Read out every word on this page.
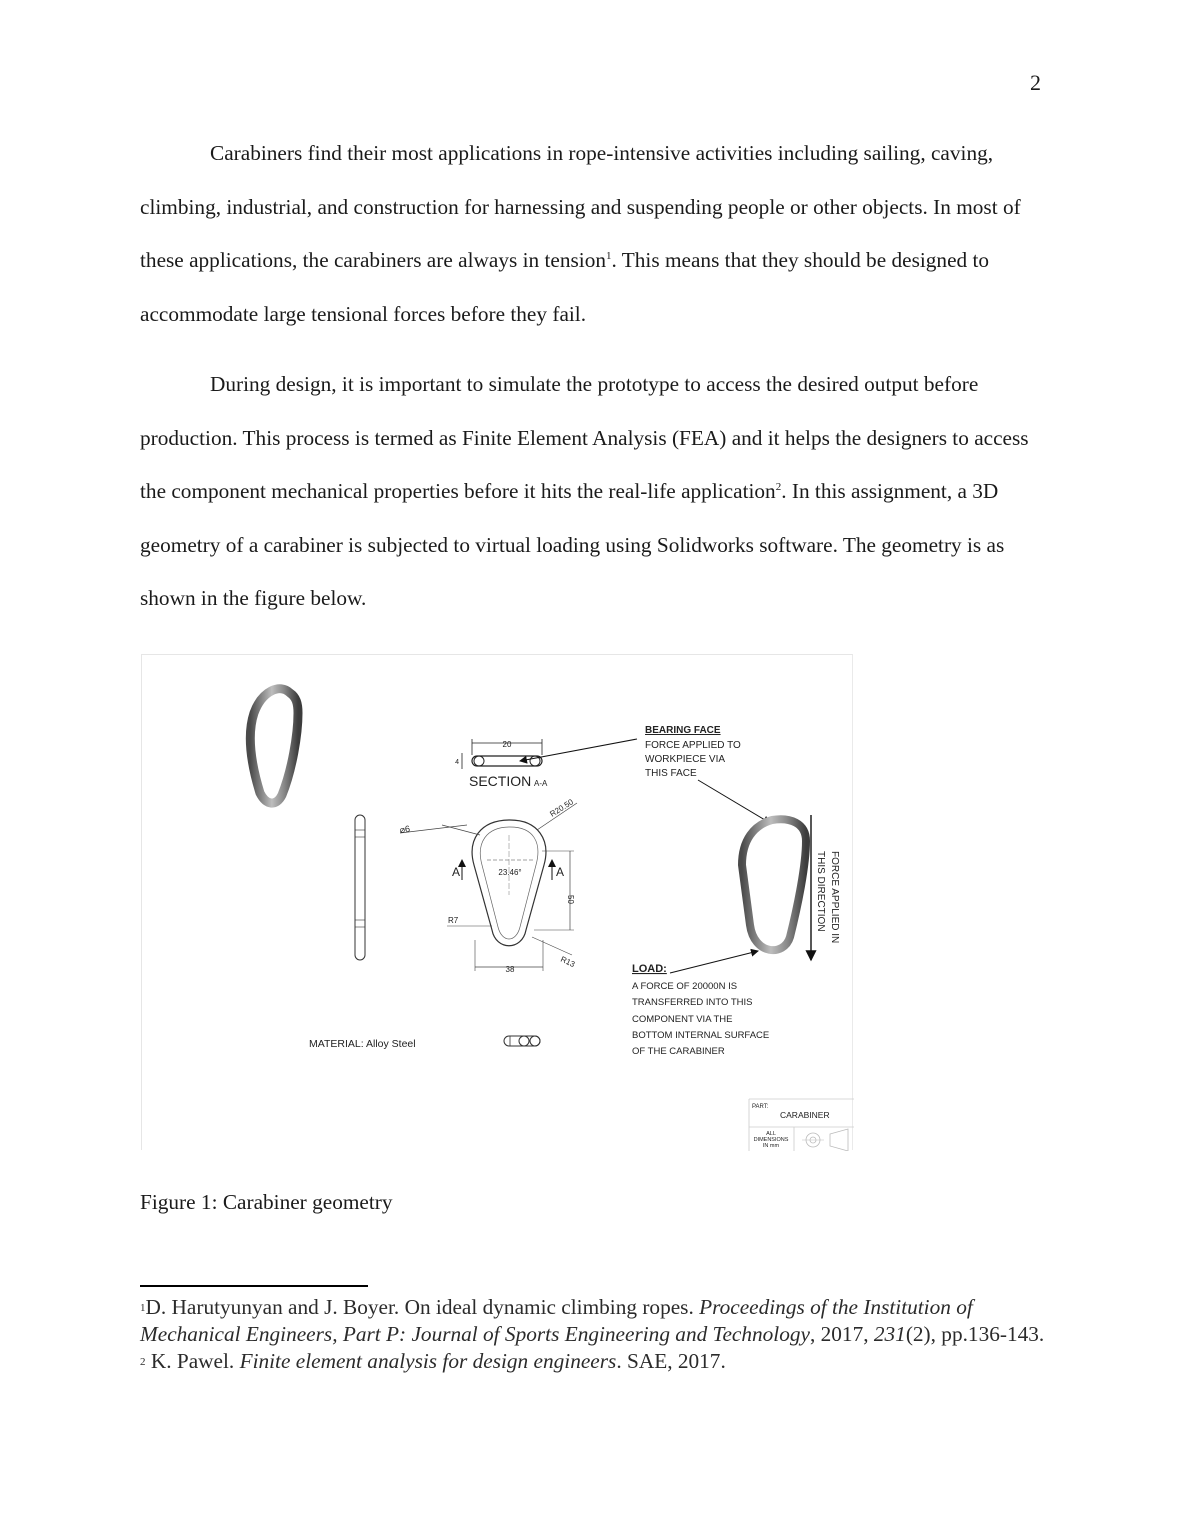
2

Carabiners find their most applications in rope-intensive activities including sailing, caving, climbing, industrial, and construction for harnessing and suspending people or other objects. In most of these applications, the carabiners are always in tension$^1$. This means that they should be designed to accommodate large tensional forces before they fail.

During design, it is important to simulate the prototype to access the desired output before production. This process is termed as Finite Element Analysis (FEA) and it helps the designers to access the component mechanical properties before it hits the real-life application$^2$. In this assignment, a 3D geometry of a carabiner is subjected to virtual loading using Solidworks software. The geometry is as shown in the figure below.

20
4
SECTION A-A
⌀6
R20.50
23.46°
A	A
50
R7
38
R13
MATERIAL: Alloy Steel
BEARING FACE
FORCE APPLIED TO
WORKPIECE VIA
THIS FACE
FORCE APPLIED IN
THIS DIRECTION
LOAD:
A FORCE OF 20000N IS
TRANSFERRED INTO THIS
COMPONENT VIA THE
BOTTOM INTERNAL SURFACE
OF THE CARABINER
PART:
CARABINER
ALL
DIMENSIONS
IN mm
Figure 1: Carabiner geometry

$^1$D. Harutyunyan and J. Boyer. On ideal dynamic climbing ropes. Proceedings of the Institution of Mechanical Engineers, Part P: Journal of Sports Engineering and Technology, 2017, 231(2), pp.136-143.

$^2$ K. Pawel. Finite element analysis for design engineers. SAE, 2017.
